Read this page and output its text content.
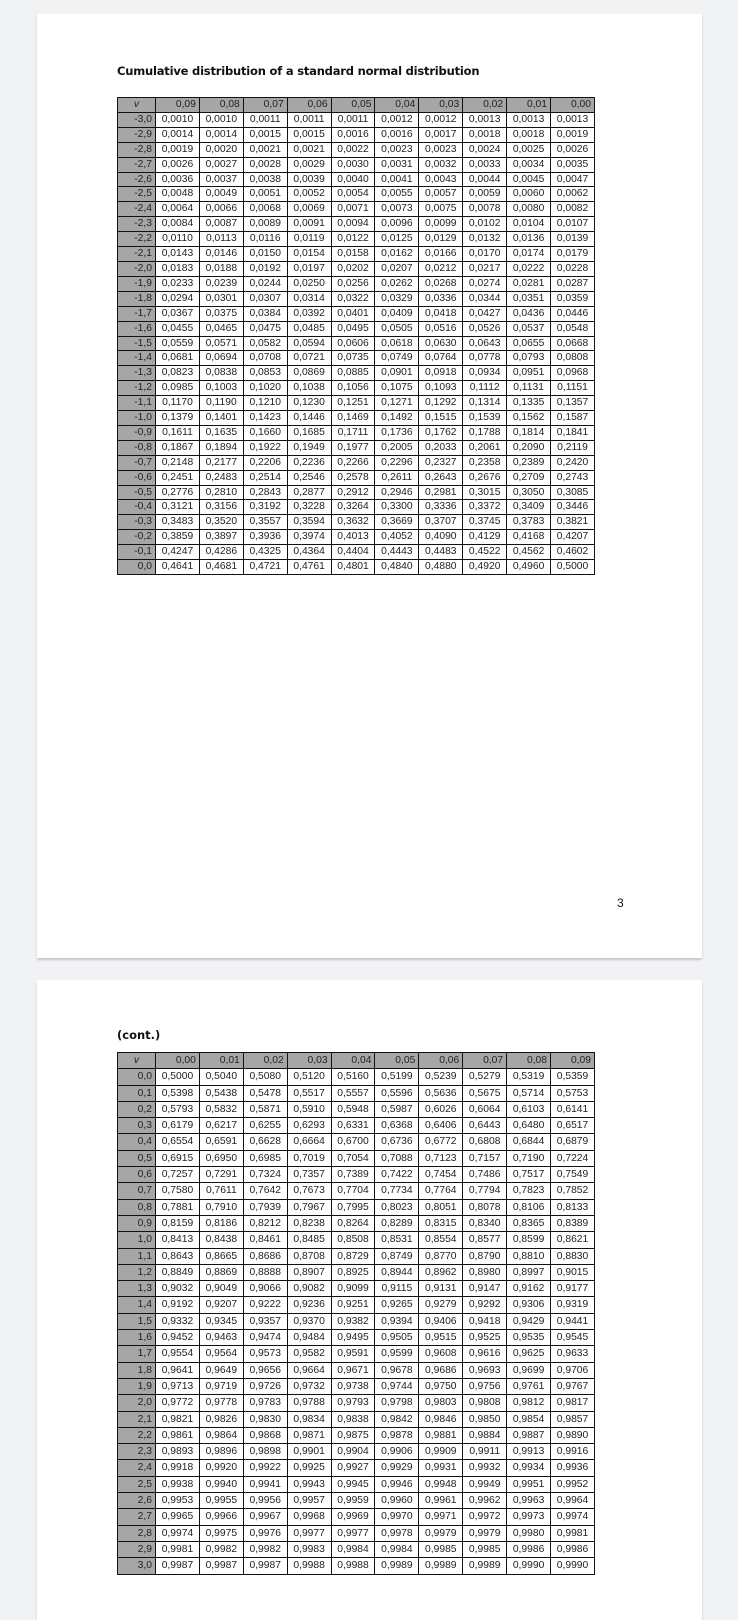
Cumulative distribution of a standard normal distribution
v	0,09	0,08	0,07	0,06	0,05	0,04	0,03	0,02	0,01	0,00
-3,0	0,0010	0,0010	0,0011	0,0011	0,0011	0,0012	0,0012	0,0013	0,0013	0,0013
-2,9	0,0014	0,0014	0,0015	0,0015	0,0016	0,0016	0,0017	0,0018	0,0018	0,0019
-2,8	0,0019	0,0020	0,0021	0,0021	0,0022	0,0023	0,0023	0,0024	0,0025	0,0026
-2,7	0,0026	0,0027	0,0028	0,0029	0,0030	0,0031	0,0032	0,0033	0,0034	0,0035
-2,6	0,0036	0,0037	0,0038	0,0039	0,0040	0,0041	0,0043	0,0044	0,0045	0,0047
-2,5	0,0048	0,0049	0,0051	0,0052	0,0054	0,0055	0,0057	0,0059	0,0060	0,0062
-2,4	0,0064	0,0066	0,0068	0,0069	0,0071	0,0073	0,0075	0,0078	0,0080	0,0082
-2,3	0,0084	0,0087	0,0089	0,0091	0,0094	0,0096	0,0099	0,0102	0,0104	0,0107
-2,2	0,0110	0,0113	0,0116	0,0119	0,0122	0,0125	0,0129	0,0132	0,0136	0,0139
-2,1	0,0143	0,0146	0,0150	0,0154	0,0158	0,0162	0,0166	0,0170	0,0174	0,0179
-2,0	0,0183	0,0188	0,0192	0,0197	0,0202	0,0207	0,0212	0,0217	0,0222	0,0228
-1,9	0,0233	0,0239	0,0244	0,0250	0,0256	0,0262	0,0268	0,0274	0,0281	0,0287
-1,8	0,0294	0,0301	0,0307	0,0314	0,0322	0,0329	0,0336	0,0344	0,0351	0,0359
-1,7	0,0367	0,0375	0,0384	0,0392	0,0401	0,0409	0,0418	0,0427	0,0436	0,0446
-1,6	0,0455	0,0465	0,0475	0,0485	0,0495	0,0505	0,0516	0,0526	0,0537	0,0548
-1,5	0,0559	0,0571	0,0582	0,0594	0,0606	0,0618	0,0630	0,0643	0,0655	0,0668
-1,4	0,0681	0,0694	0,0708	0,0721	0,0735	0,0749	0,0764	0,0778	0,0793	0,0808
-1,3	0,0823	0,0838	0,0853	0,0869	0,0885	0,0901	0,0918	0,0934	0,0951	0,0968
-1,2	0,0985	0,1003	0,1020	0,1038	0,1056	0,1075	0,1093	0,1112	0,1131	0,1151
-1,1	0,1170	0,1190	0,1210	0,1230	0,1251	0,1271	0,1292	0,1314	0,1335	0,1357
-1,0	0,1379	0,1401	0,1423	0,1446	0,1469	0,1492	0,1515	0,1539	0,1562	0,1587
-0,9	0,1611	0,1635	0,1660	0,1685	0,1711	0,1736	0,1762	0,1788	0,1814	0,1841
-0,8	0,1867	0,1894	0,1922	0,1949	0,1977	0,2005	0,2033	0,2061	0,2090	0,2119
-0,7	0,2148	0,2177	0,2206	0,2236	0,2266	0,2296	0,2327	0,2358	0,2389	0,2420
-0,6	0,2451	0,2483	0,2514	0,2546	0,2578	0,2611	0,2643	0,2676	0,2709	0,2743
-0,5	0,2776	0,2810	0,2843	0,2877	0,2912	0,2946	0,2981	0,3015	0,3050	0,3085
-0,4	0,3121	0,3156	0,3192	0,3228	0,3264	0,3300	0,3336	0,3372	0,3409	0,3446
-0,3	0,3483	0,3520	0,3557	0,3594	0,3632	0,3669	0,3707	0,3745	0,3783	0,3821
-0,2	0,3859	0,3897	0,3936	0,3974	0,4013	0,4052	0,4090	0,4129	0,4168	0,4207
-0,1	0,4247	0,4286	0,4325	0,4364	0,4404	0,4443	0,4483	0,4522	0,4562	0,4602
0,0	0,4641	0,4681	0,4721	0,4761	0,4801	0,4840	0,4880	0,4920	0,4960	0,5000
3
(cont.)
v	0,00	0,01	0,02	0,03	0,04	0,05	0,06	0,07	0,08	0,09
0,0	0,5000	0,5040	0,5080	0,5120	0,5160	0,5199	0,5239	0,5279	0,5319	0,5359
0,1	0,5398	0,5438	0,5478	0,5517	0,5557	0,5596	0,5636	0,5675	0,5714	0,5753
0,2	0,5793	0,5832	0,5871	0,5910	0,5948	0,5987	0,6026	0,6064	0,6103	0,6141
0,3	0,6179	0,6217	0,6255	0,6293	0,6331	0,6368	0,6406	0,6443	0,6480	0,6517
0,4	0,6554	0,6591	0,6628	0,6664	0,6700	0,6736	0,6772	0,6808	0,6844	0,6879
0,5	0,6915	0,6950	0,6985	0,7019	0,7054	0,7088	0,7123	0,7157	0,7190	0,7224
0,6	0,7257	0,7291	0,7324	0,7357	0,7389	0,7422	0,7454	0,7486	0,7517	0,7549
0,7	0,7580	0,7611	0,7642	0,7673	0,7704	0,7734	0,7764	0,7794	0,7823	0,7852
0,8	0,7881	0,7910	0,7939	0,7967	0,7995	0,8023	0,8051	0,8078	0,8106	0,8133
0,9	0,8159	0,8186	0,8212	0,8238	0,8264	0,8289	0,8315	0,8340	0,8365	0,8389
1,0	0,8413	0,8438	0,8461	0,8485	0,8508	0,8531	0,8554	0,8577	0,8599	0,8621
1,1	0,8643	0,8665	0,8686	0,8708	0,8729	0,8749	0,8770	0,8790	0,8810	0,8830
1,2	0,8849	0,8869	0,8888	0,8907	0,8925	0,8944	0,8962	0,8980	0,8997	0,9015
1,3	0,9032	0,9049	0,9066	0,9082	0,9099	0,9115	0,9131	0,9147	0,9162	0,9177
1,4	0,9192	0,9207	0,9222	0,9236	0,9251	0,9265	0,9279	0,9292	0,9306	0,9319
1,5	0,9332	0,9345	0,9357	0,9370	0,9382	0,9394	0,9406	0,9418	0,9429	0,9441
1,6	0,9452	0,9463	0,9474	0,9484	0,9495	0,9505	0,9515	0,9525	0,9535	0,9545
1,7	0,9554	0,9564	0,9573	0,9582	0,9591	0,9599	0,9608	0,9616	0,9625	0,9633
1,8	0,9641	0,9649	0,9656	0,9664	0,9671	0,9678	0,9686	0,9693	0,9699	0,9706
1,9	0,9713	0,9719	0,9726	0,9732	0,9738	0,9744	0,9750	0,9756	0,9761	0,9767
2,0	0,9772	0,9778	0,9783	0,9788	0,9793	0,9798	0,9803	0,9808	0,9812	0,9817
2,1	0,9821	0,9826	0,9830	0,9834	0,9838	0,9842	0,9846	0,9850	0,9854	0,9857
2,2	0,9861	0,9864	0,9868	0,9871	0,9875	0,9878	0,9881	0,9884	0,9887	0,9890
2,3	0,9893	0,9896	0,9898	0,9901	0,9904	0,9906	0,9909	0,9911	0,9913	0,9916
2,4	0,9918	0,9920	0,9922	0,9925	0,9927	0,9929	0,9931	0,9932	0,9934	0,9936
2,5	0,9938	0,9940	0,9941	0,9943	0,9945	0,9946	0,9948	0,9949	0,9951	0,9952
2,6	0,9953	0,9955	0,9956	0,9957	0,9959	0,9960	0,9961	0,9962	0,9963	0,9964
2,7	0,9965	0,9966	0,9967	0,9968	0,9969	0,9970	0,9971	0,9972	0,9973	0,9974
2,8	0,9974	0,9975	0,9976	0,9977	0,9977	0,9978	0,9979	0,9979	0,9980	0,9981
2,9	0,9981	0,9982	0,9982	0,9983	0,9984	0,9984	0,9985	0,9985	0,9986	0,9986
3,0	0,9987	0,9987	0,9987	0,9988	0,9988	0,9989	0,9989	0,9989	0,9990	0,9990
